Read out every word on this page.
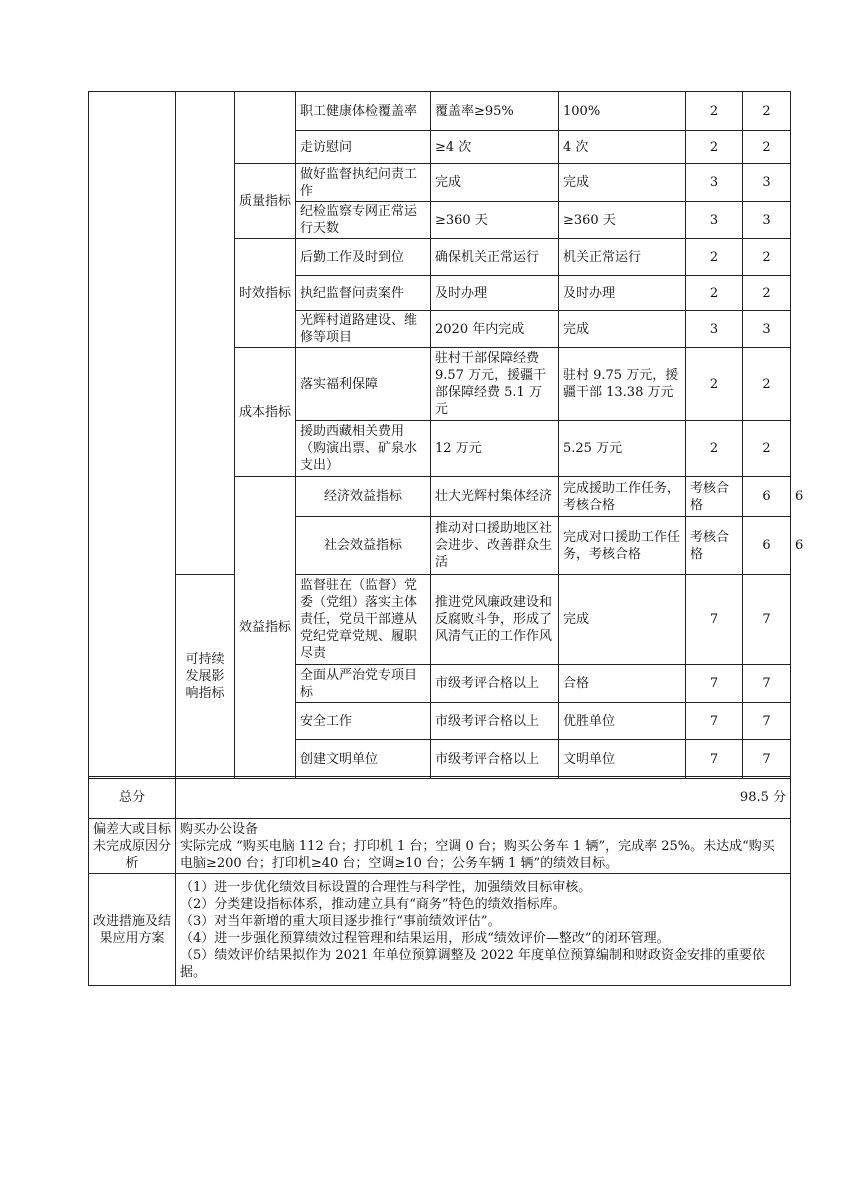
			职工健康体检覆盖率	覆盖率≥95%	100%	2	2	
			走访慰问	≥4 次	4 次	2	2	
		质量指标	做好监督执纪问责工作	完成	完成	3	3	
			纪检监察专网正常运行天数	≥360 天	≥360 天	3	3	
		时效指标	后勤工作及时到位	确保机关正常运行	机关正常运行	2	2	
			执纪监督问责案件	及时办理	及时办理	2	2	
			光辉村道路建设、维修等项目	2020 年内完成	完成	3	3	
		成本指标	落实福利保障	驻村干部保障经费 9.57 万元，援疆干部保障经费 5.1 万元	驻村 9.75 万元，援疆干部 13.38 万元	2	2	
			援助西藏相关费用（购演出票、矿泉水支出）	12 万元	5.25 万元	2	2	
		效益指标	经济效益指标	壮大光辉村集体经济	完成援助工作任务，考核合格	考核合格	6	6
			社会效益指标	推动对口援助地区社会进步、改善群众生活	完成对口援助工作任务，考核合格	考核合格	6	6
	可持续发展影响指标		监督驻在（监督）党委（党组）落实主体责任，党员干部遵从党纪党章党规、履职尽责	推进党风廉政建设和反腐败斗争，形成了风清气正的工作作风	完成	7	7	
			全面从严治党专项目标	市级考评合格以上	合格	7	7	
			安全工作	市级考评合格以上	优胜单位	7	7	
			创建文明单位	市级考评合格以上	文明单位	7	7	
总分	98.5 分
偏差大或目标未完成原因分析	购买办公设备
实际完成 “购买电脑 112 台；打印机 1 台；空调 0 台；购买公务车 1 辆”，完成率 25%。未达成“购买电脑≥200 台；打印机≥40 台；空调≥10 台；公务车辆 1 辆”的绩效目标。

改进措施及结果应用方案	（1）进一步优化绩效目标设置的合理性与科学性，加强绩效目标审核。
（2）分类建设指标体系，推动建立具有“商务”特色的绩效指标库。
（3）对当年新增的重大项目逐步推行“事前绩效评估”。
（4）进一步强化预算绩效过程管理和结果运用，形成“绩效评价—整改”的闭环管理。
（5）绩效评价结果拟作为 2021 年单位预算调整及 2022 年度单位预算编制和财政资金安排的重要依据。
